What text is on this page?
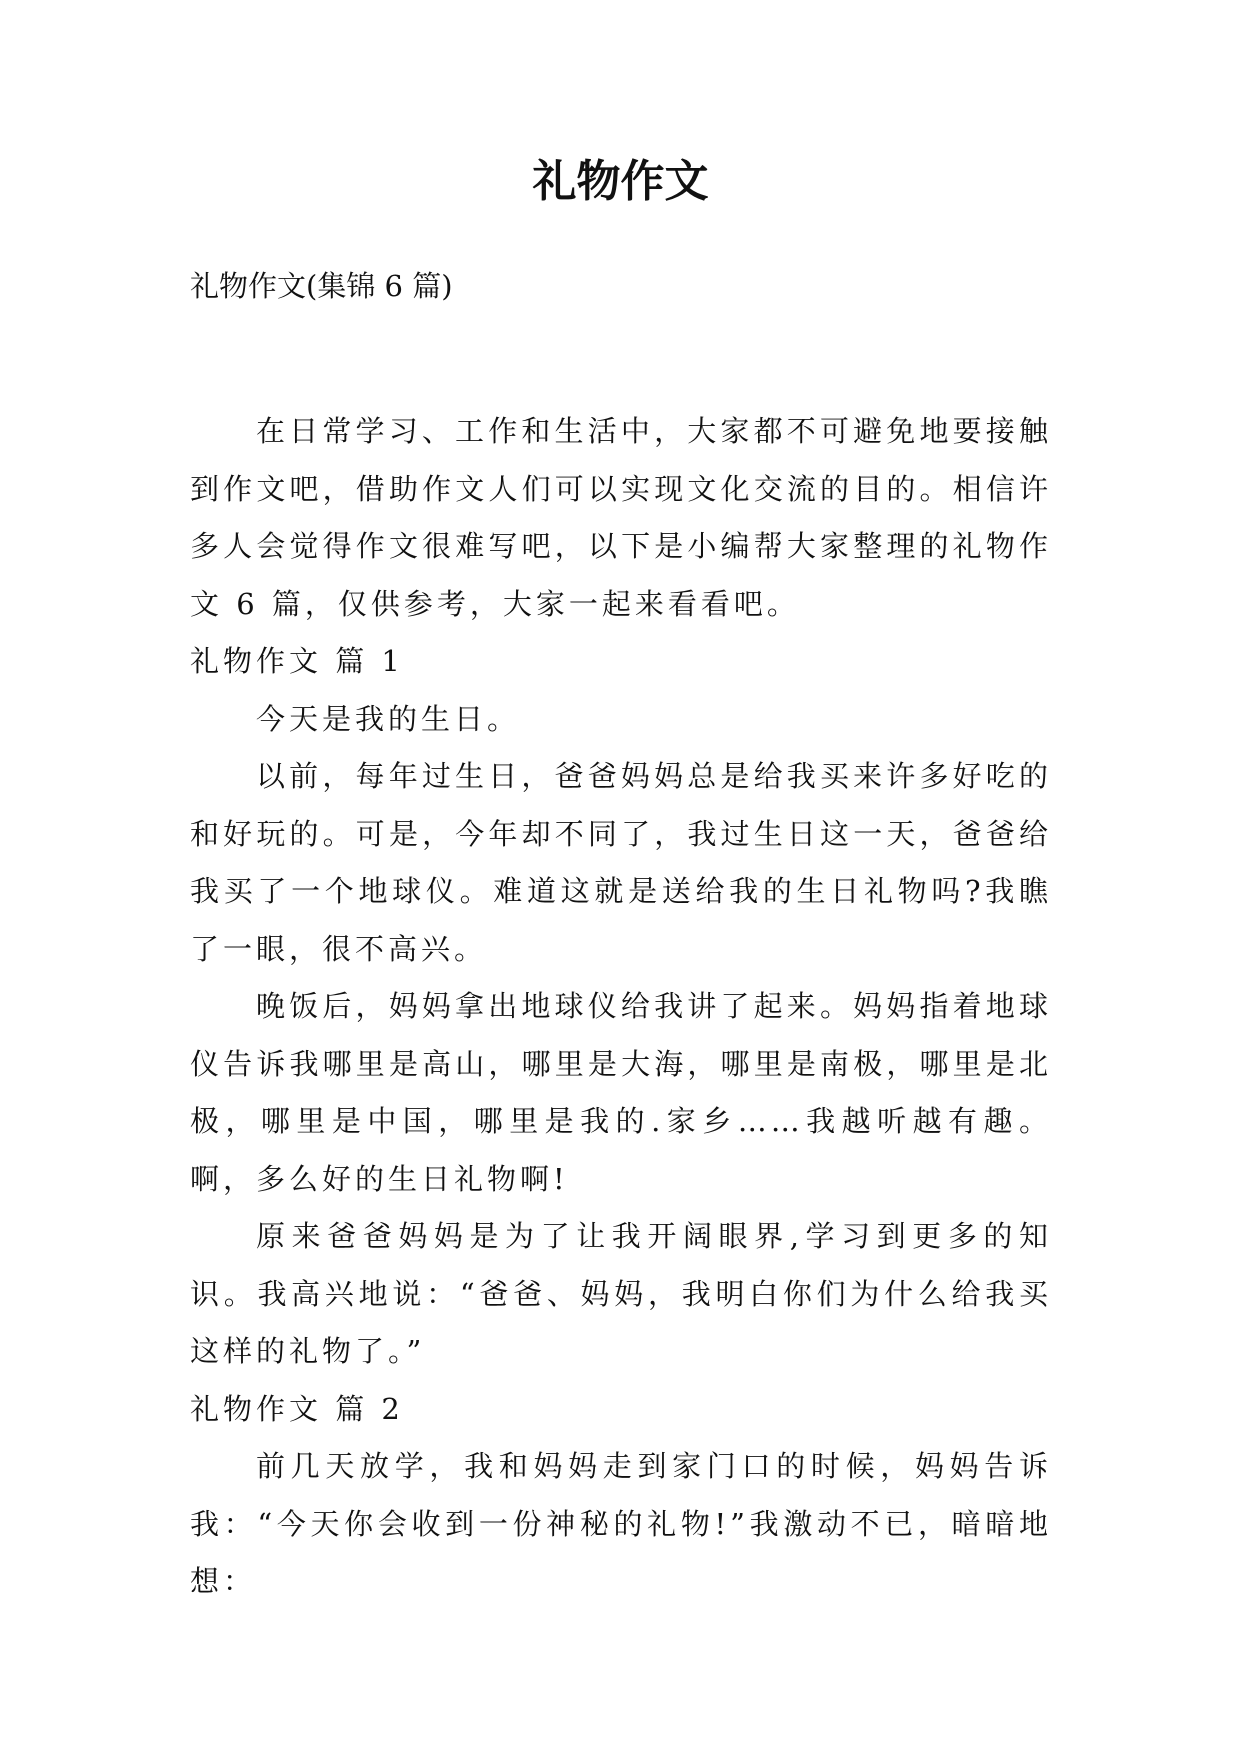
礼物作文
礼物作文(集锦 6 篇)

在日常学习、工作和生活中，大家都不可避免地要接触到作文吧，借助作文人们可以实现文化交流的目的。相信许多人会觉得作文很难写吧，以下是小编帮大家整理的礼物作文 6 篇，仅供参考，大家一起来看看吧。

礼物作文 篇 1

今天是我的生日。

以前，每年过生日，爸爸妈妈总是给我买来许多好吃的和好玩的。可是，今年却不同了，我过生日这一天，爸爸给我买了一个地球仪。难道这就是送给我的生日礼物吗?我瞧了一眼，很不高兴。

晚饭后，妈妈拿出地球仪给我讲了起来。妈妈指着地球仪告诉我哪里是高山，哪里是大海，哪里是南极，哪里是北极，哪里是中国，哪里是我的.家乡……我越听越有趣。啊，多么好的生日礼物啊!

原来爸爸妈妈是为了让我开阔眼界,学习到更多的知识。我高兴地说：“爸爸、妈妈，我明白你们为什么给我买这样的礼物了。”

礼物作文 篇 2

前几天放学，我和妈妈走到家门口的时候，妈妈告诉我：“今天你会收到一份神秘的礼物!”我激动不已，暗暗地想：
